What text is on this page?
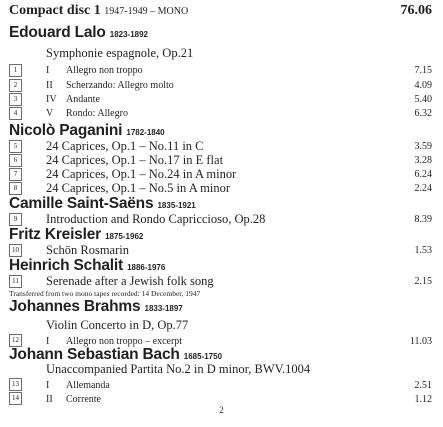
Compact disc 1 1947-1949 – MONO	76.06
Edouard Lalo 1823-1892
Symphonie espagnole, Op.21
1	I Allegro non troppo	7.15
2	II Scherzando: Allegro molto	4.09
3	IV Andante	5.40
4	V Rondo: Allegro	6.32
Nicolò Paganini 1782-1840
5	24 Caprices, Op.1 – No.11 in C	3.59
6	24 Caprices, Op.1 – No.17 in E flat	3.28
7	24 Caprices, Op.1 – No.24 in A minor	6.24
8	24 Caprices, Op.1 – No.5 in A minor	2.24
Camille Saint-Saëns 1835-1921
9	Introduction and Rondo Capriccioso, Op.28	8.39
Fritz Kreisler 1875-1962
10 Schön Rosmarin	1.53
Heinrich Schalit 1886-1976
11 Serenade after a Jewish folk song	2.15
Transferred from two mono tapes recorded: 14 December, 1947
Johannes Brahms 1833-1897
Violin Concerto in D, Op.77
12	I Allegro non troppo – excerpt	11.03
Johann Sebastian Bach 1685-1750
Unaccompanied Partita No.2 in D minor, BWV.1004
13	I Allemanda	2.51
14	II Corrente	1.12
2
